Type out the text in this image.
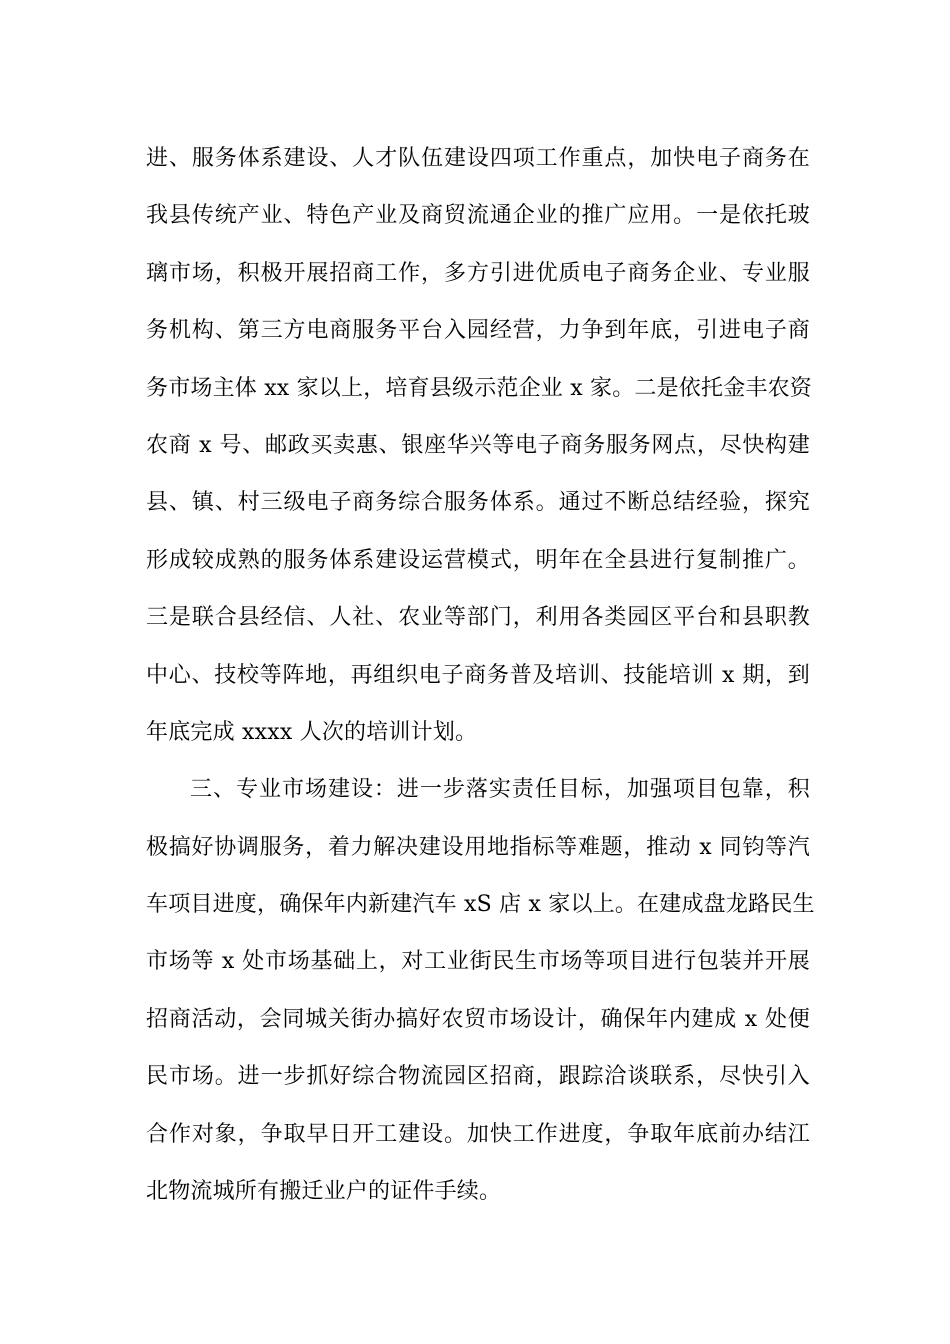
进、服务体系建设、人才队伍建设四项工作重点，加快电子商务在
我县传统产业、特色产业及商贸流通企业的推广应用。一是依托玻
璃市场，积极开展招商工作，多方引进优质电子商务企业、专业服
务机构、第三方电商服务平台入园经营，力争到年底，引进电子商
务市场主体 xx 家以上，培育县级示范企业 x 家。二是依托金丰农资
农商 x 号、邮政买卖惠、银座华兴等电子商务服务网点，尽快构建
县、镇、村三级电子商务综合服务体系。通过不断总结经验，探究
形成较成熟的服务体系建设运营模式，明年在全县进行复制推广。
三是联合县经信、人社、农业等部门，利用各类园区平台和县职教
中心、技校等阵地，再组织电子商务普及培训、技能培训 x 期，到
年底完成 xxxx 人次的培训计划。
三、专业市场建设：进一步落实责任目标，加强项目包靠，积
极搞好协调服务，着力解决建设用地指标等难题，推动 x 同钧等汽
车项目进度，确保年内新建汽车 xS 店 x 家以上。在建成盘龙路民生
市场等 x 处市场基础上，对工业街民生市场等项目进行包装并开展
招商活动，会同城关街办搞好农贸市场设计，确保年内建成 x 处便
民市场。进一步抓好综合物流园区招商，跟踪洽谈联系，尽快引入
合作对象，争取早日开工建设。加快工作进度，争取年底前办结江
北物流城所有搬迁业户的证件手续。
